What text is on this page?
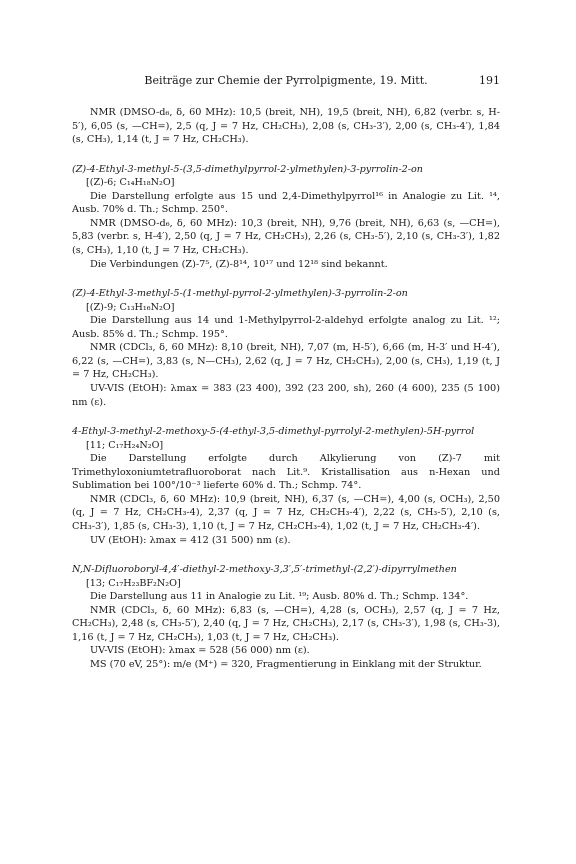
Beiträge zur Chemie der Pyrrolpigmente, 19. Mitt.	191

NMR (DMSO-d₆, δ, 60 MHz): 10,5 (breit, NH), 19,5 (breit, NH), 6,82 (verbr. s, H-5′), 6,05 (s, —CH=), 2,5 (q, J = 7 Hz, CH₂CH₃), 2,08 (s, CH₃-3′), 2,00 (s, CH₃-4′), 1,84 (s, CH₃), 1,14 (t, J = 7 Hz, CH₂CH₃).

(Z)-4-Ethyl-3-methyl-5-(3,5-dimethylpyrrol-2-ylmethylen)-3-pyrrolin-2-on
[(Z)-6; C₁₄H₁₈N₂O]

Die Darstellung erfolgte aus 15 und 2,4-Dimethylpyrrol¹⁶ in Analogie zu Lit. ¹⁴, Ausb. 70% d. Th.; Schmp. 250°.

NMR (DMSO-d₆, δ, 60 MHz): 10,3 (breit, NH), 9,76 (breit, NH), 6,63 (s, —CH=), 5,83 (verbr. s, H-4′), 2,50 (q, J = 7 Hz, CH₂CH₃), 2,26 (s, CH₃-5′), 2,10 (s, CH₃-3′), 1,82 (s, CH₃), 1,10 (t, J = 7 Hz, CH₂CH₃).

Die Verbindungen (Z)-7⁵, (Z)-8¹⁴, 10¹⁷ und 12¹⁸ sind bekannt.

(Z)-4-Ethyl-3-methyl-5-(1-methyl-pyrrol-2-ylmethylen)-3-pyrrolin-2-on
[(Z)-9; C₁₃H₁₆N₂O]

Die Darstellung aus 14 und 1-Methylpyrrol-2-aldehyd erfolgte analog zu Lit. ¹²; Ausb. 85% d. Th.; Schmp. 195°.

NMR (CDCl₃, δ, 60 MHz): 8,10 (breit, NH), 7,07 (m, H-5′), 6,66 (m, H-3′ und H-4′), 6,22 (s, —CH=), 3,83 (s, N—CH₃), 2,62 (q, J = 7 Hz, CH₂CH₃), 2,00 (s, CH₃), 1,19 (t, J = 7 Hz, CH₂CH₃).

UV-VIS (EtOH): λmax = 383 (23 400), 392 (23 200, sh), 260 (4 600), 235 (5 100) nm (ε).

4-Ethyl-3-methyl-2-methoxy-5-(4-ethyl-3,5-dimethyl-pyrrolyl-2-methylen)-5H-pyrrol
[11; C₁₇H₂₄N₂O]

Die Darstellung erfolgte durch Alkylierung von (Z)-7 mit Trimethyloxoniumtetrafluoroborat nach Lit.⁹. Kristallisation aus n-Hexan und Sublimation bei 100°/10⁻³ lieferte 60% d. Th.; Schmp. 74°.

NMR (CDCl₃, δ, 60 MHz): 10,9 (breit, NH), 6,37 (s, —CH=), 4,00 (s, OCH₃), 2,50 (q, J = 7 Hz, CH₂CH₃-4), 2,37 (q, J = 7 Hz, CH₂CH₃-4′), 2,22 (s, CH₃-5′), 2,10 (s, CH₃-3′), 1,85 (s, CH₃-3), 1,10 (t, J = 7 Hz, CH₂CH₃-4), 1,02 (t, J = 7 Hz, CH₂CH₃-4′).

UV (EtOH): λmax = 412 (31 500) nm (ε).

N,N-Difluoroboryl-4,4′-diethyl-2-methoxy-3,3′,5′-trimethyl-(2,2′)-dipyrrylmethen
[13; C₁₇H₂₃BF₂N₂O]

Die Darstellung aus 11 in Analogie zu Lit. ¹⁹; Ausb. 80% d. Th.; Schmp. 134°.

NMR (CDCl₃, δ, 60 MHz): 6,83 (s, —CH=), 4,28 (s, OCH₃), 2,57 (q, J = 7 Hz, CH₂CH₃), 2,48 (s, CH₃-5′), 2,40 (q, J = 7 Hz, CH₂CH₃), 2,17 (s, CH₃-3′), 1,98 (s, CH₃-3), 1,16 (t, J = 7 Hz, CH₂CH₃), 1,03 (t, J = 7 Hz, CH₂CH₃).

UV-VIS (EtOH): λmax = 528 (56 000) nm (ε).

MS (70 eV, 25°): m/e (M⁺) = 320, Fragmentierung in Einklang mit der Struktur.
